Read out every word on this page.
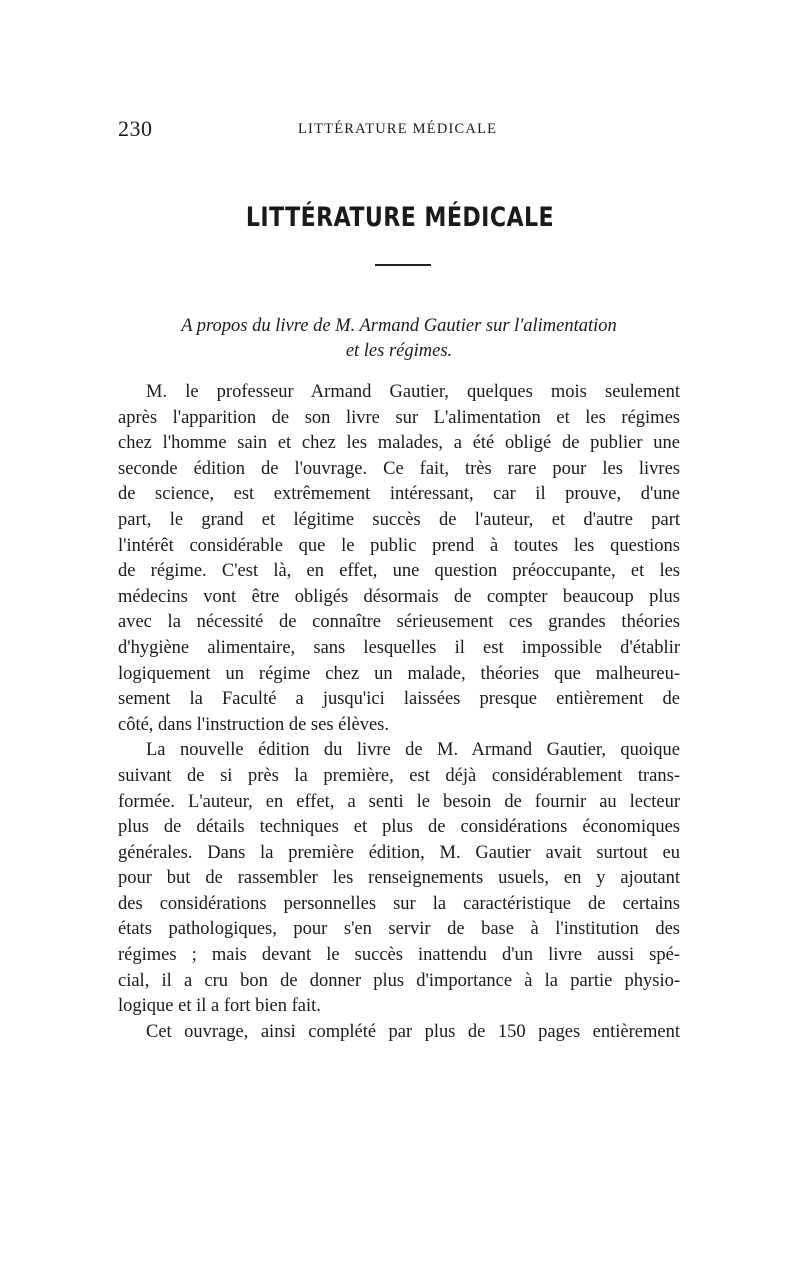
230	LITTÉRATURE MÉDICALE
LITTÉRATURE MÉDICALE
A propos du livre de M. Armand Gautier sur l'alimentation
et les régimes.
M. le professeur Armand Gautier, quelques mois seulement
après l'apparition de son livre sur L'alimentation et les régimes
chez l'homme sain et chez les malades, a été obligé de publier une
seconde édition de l'ouvrage. Ce fait, très rare pour les livres
de science, est extrêmement intéressant, car il prouve, d'une
part, le grand et légitime succès de l'auteur, et d'autre part
l'intérêt considérable que le public prend à toutes les questions
de régime. C'est là, en effet, une question préoccupante, et les
médecins vont être obligés désormais de compter beaucoup plus
avec la nécessité de connaître sérieusement ces grandes théories
d'hygiène alimentaire, sans lesquelles il est impossible d'établir
logiquement un régime chez un malade, théories que malheureu-
sement la Faculté a jusqu'ici laissées presque entièrement de
côté, dans l'instruction de ses élèves.
La nouvelle édition du livre de M. Armand Gautier, quoique
suivant de si près la première, est déjà considérablement trans-
formée. L'auteur, en effet, a senti le besoin de fournir au lecteur
plus de détails techniques et plus de considérations économiques
générales. Dans la première édition, M. Gautier avait surtout eu
pour but de rassembler les renseignements usuels, en y ajoutant
des considérations personnelles sur la caractéristique de certains
états pathologiques, pour s'en servir de base à l'institution des
régimes ; mais devant le succès inattendu d'un livre aussi spé-
cial, il a cru bon de donner plus d'importance à la partie physio-
logique et il a fort bien fait.
Cet ouvrage, ainsi complété par plus de 150 pages entièrement
